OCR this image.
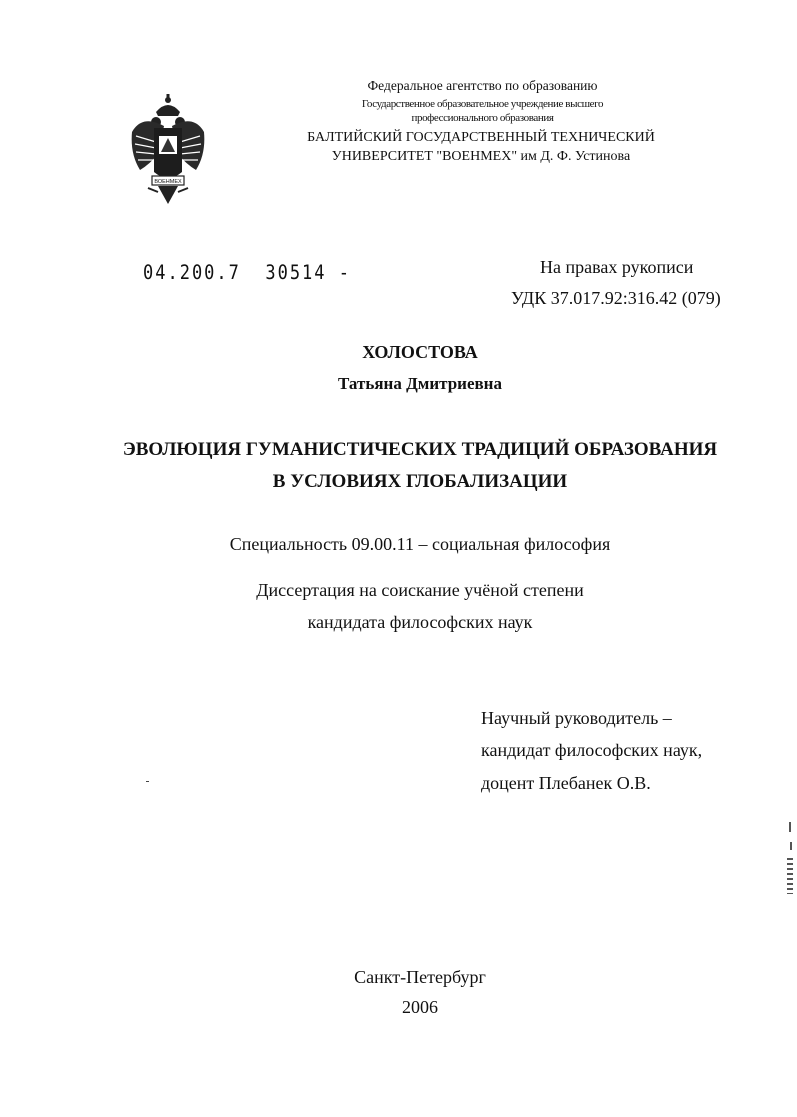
ВОЕНМЕХ
Федеральное агентство по образованию
Государственное образовательное учреждение высшего
профессионального образования
БАЛТИЙСКИЙ ГОСУДАРСТВЕННЫЙ ТЕХНИЧЕСКИЙ
УНИВЕРСИТЕТ "ВОЕНМЕХ" им Д. Ф. Устинова
04.200.7  30514 -	На правах рукописи
УДК 37.017.92:316.42 (079)
ХОЛОСТОВА
Татьяна Дмитриевна
ЭВОЛЮЦИЯ ГУМАНИСТИЧЕСКИХ ТРАДИЦИЙ ОБРАЗОВАНИЯ
В УСЛОВИЯХ ГЛОБАЛИЗАЦИИ
Специальность 09.00.11 – социальная философия
Диссертация на соискание учёной степени
кандидата философских наук
Научный руководитель –
кандидат философских наук,
доцент Плебанек О.В.
Санкт-Петербург
2006
